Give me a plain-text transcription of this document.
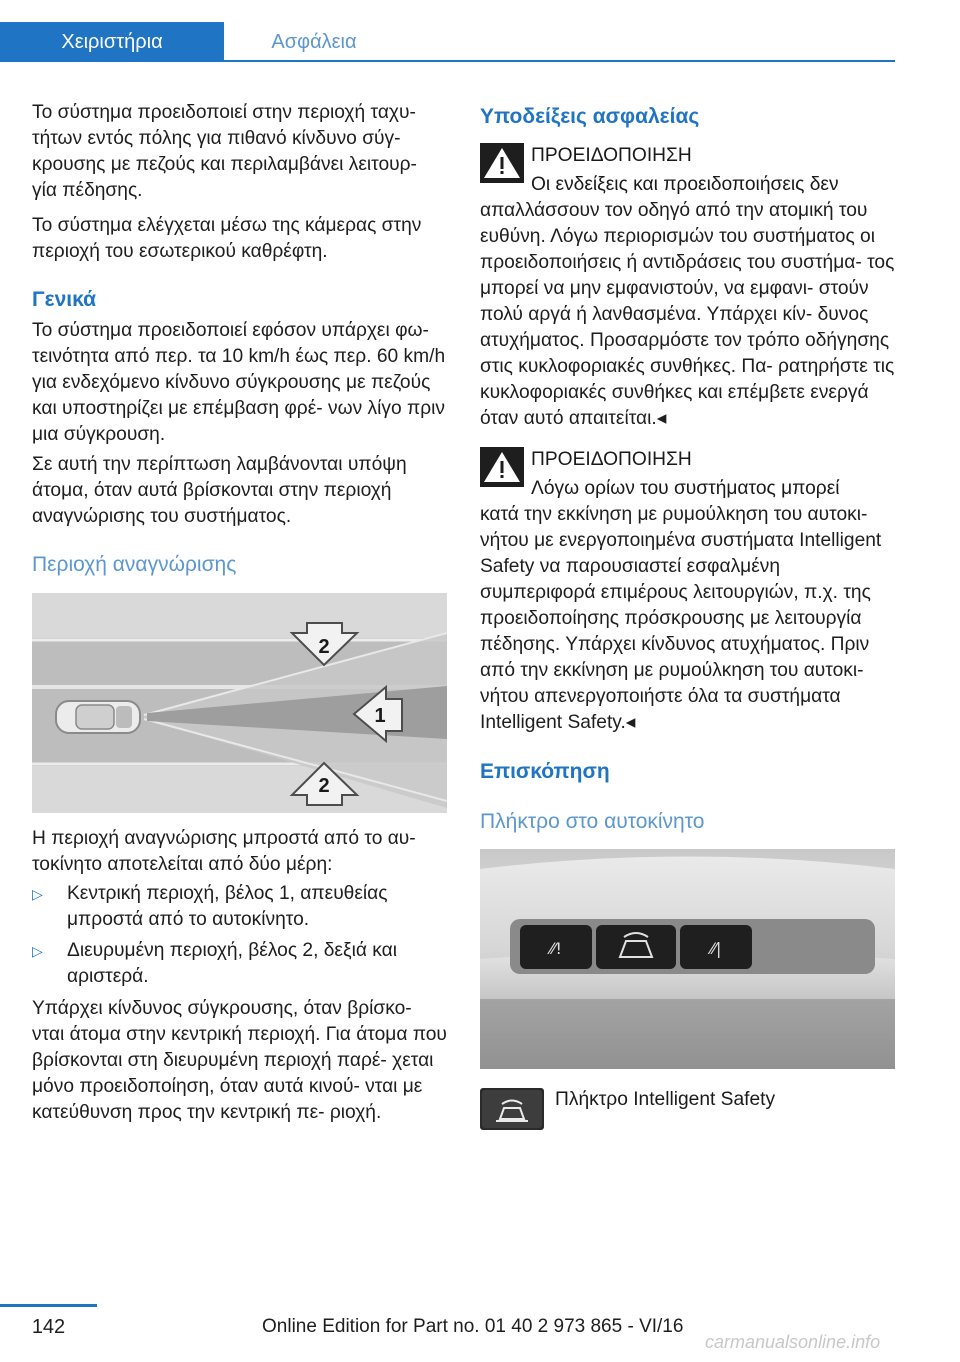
Χειριστήρια	Ασφάλεια

Το σύστημα προειδοποιεί στην περιοχή ταχυ‐ τήτων εντός πόλης για πιθανό κίνδυνο σύγ‐ κρουσης με πεζούς και περιλαμβάνει λειτουρ‐ γία πέδησης.

Το σύστημα ελέγχεται μέσω της κάμερας στην περιοχή του εσωτερικού καθρέφτη.

Γενικά

Το σύστημα προειδοποιεί εφόσον υπάρχει φω‐ τεινότητα από περ. τα 10 km/h έως περ. 60 km/h για ενδεχόμενο κίνδυνο σύγκρουσης με πεζούς και υποστηρίζει με επέμβαση φρέ‐ νων λίγο πριν μια σύγκρουση.

Σε αυτή την περίπτωση λαμβάνονται υπόψη άτομα, όταν αυτά βρίσκονται στην περιοχή αναγνώρισης του συστήματος.

Περιοχή αναγνώρισης
2
1
2

Η περιοχή αναγνώρισης μπροστά από το αυ‐ τοκίνητο αποτελείται από δύο μέρη:

▷	Κεντρική περιοχή, βέλος 1, απευθείας μπροστά από το αυτοκίνητο.
▷	Διευρυμένη περιοχή, βέλος 2, δεξιά και αριστερά.

Υπάρχει κίνδυνος σύγκρουσης, όταν βρίσκο‐ νται άτομα στην κεντρική περιοχή. Για άτομα που βρίσκονται στη διευρυμένη περιοχή παρέ‐ χεται μόνο προειδοποίηση, όταν αυτά κινού‐ νται με κατεύθυνση προς την κεντρική πε‐ ριοχή.

Υποδείξεις ασφαλείας
ΠΡΟΕΙΔΟΠΟΙΗΣΗ
Οι ενδείξεις και προειδοποιήσεις δεν

απαλλάσσουν τον οδηγό από την ατομική του ευθύνη. Λόγω περιορισμών του συστήματος οι προειδοποιήσεις ή αντιδράσεις του συστήμα‐ τος μπορεί να μην εμφανιστούν, να εμφανι‐ στούν πολύ αργά ή λανθασμένα. Υπάρχει κίν‐ δυνος ατυχήματος. Προσαρμόστε τον τρόπο οδήγησης στις κυκλοφοριακές συνθήκες. Πα‐ ρατηρήστε τις κυκλοφοριακές συνθήκες και επέμβετε ενεργά όταν αυτό απαιτείται.◂

ΠΡΟΕΙΔΟΠΟΙΗΣΗ
Λόγω ορίων του συστήματος μπορεί

κατά την εκκίνηση με ρυμούλκηση του αυτοκι‐ νήτου με ενεργοποιημένα συστήματα Intelligent Safety να παρουσιαστεί εσφαλμένη συμπεριφορά επιμέρους λειτουργιών, π.χ. της προειδοποίησης πρόσκρουσης με λειτουργία πέδησης. Υπάρχει κίνδυνος ατυχήματος. Πριν από την εκκίνηση με ρυμούλκηση του αυτοκι‐ νήτου απενεργοποιήστε όλα τα συστήματα Intelligent Safety.◂

Επισκόπηση
Πλήκτρο στο αυτοκίνητο
⁄⁄!	⁄⁄|
Πλήκτρο Intelligent Safety
142	Online Edition for Part no. 01 40 2 973 865 - VI/16
carmanualsonline.info
